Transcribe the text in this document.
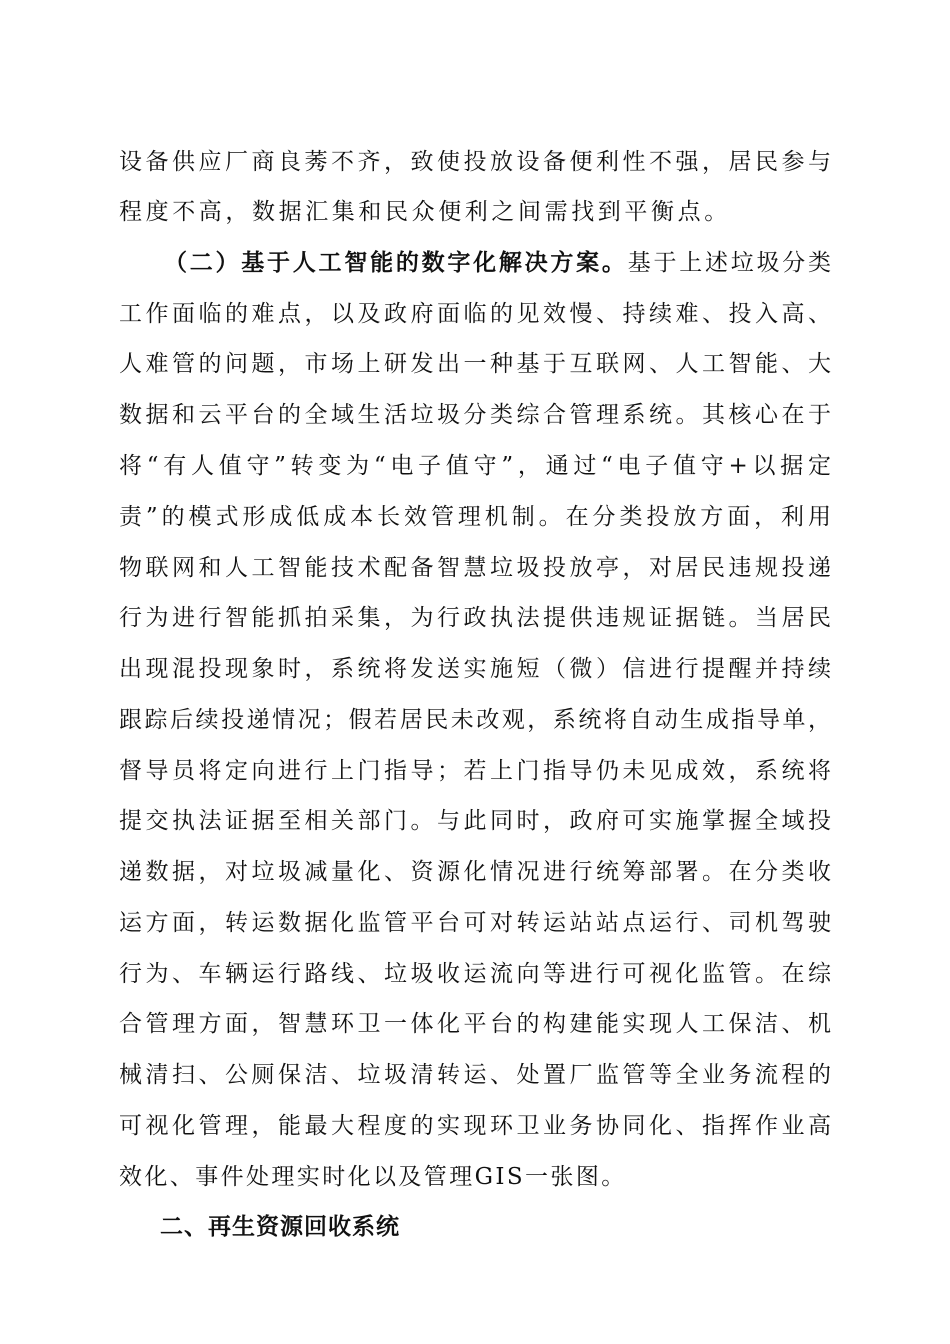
设备供应厂商良莠不齐，致使投放设备便利性不强，居民参与
程度不高，数据汇集和民众便利之间需找到平衡点。
（二）基于人工智能的数字化解决方案。基于上述垃圾分类
工作面临的难点，以及政府面临的见效慢、持续难、投入高、
人难管的问题，市场上研发出一种基于互联网、人工智能、大
数据和云平台的全域生活垃圾分类综合管理系统。其核心在于
将“有人值守”转变为“电子值守”，通过“电子值守+以据定
责”的模式形成低成本长效管理机制。在分类投放方面，利用
物联网和人工智能技术配备智慧垃圾投放亭，对居民违规投递
行为进行智能抓拍采集，为行政执法提供违规证据链。当居民
出现混投现象时，系统将发送实施短（微）信进行提醒并持续
跟踪后续投递情况；假若居民未改观，系统将自动生成指导单，
督导员将定向进行上门指导；若上门指导仍未见成效，系统将
提交执法证据至相关部门。与此同时，政府可实施掌握全域投
递数据，对垃圾减量化、资源化情况进行统筹部署。在分类收
运方面，转运数据化监管平台可对转运站站点运行、司机驾驶
行为、车辆运行路线、垃圾收运流向等进行可视化监管。在综
合管理方面，智慧环卫一体化平台的构建能实现人工保洁、机
械清扫、公厕保洁、垃圾清转运、处置厂监管等全业务流程的
可视化管理，能最大程度的实现环卫业务协同化、指挥作业高
效化、事件处理实时化以及管理GIS一张图。
二、再生资源回收系统
